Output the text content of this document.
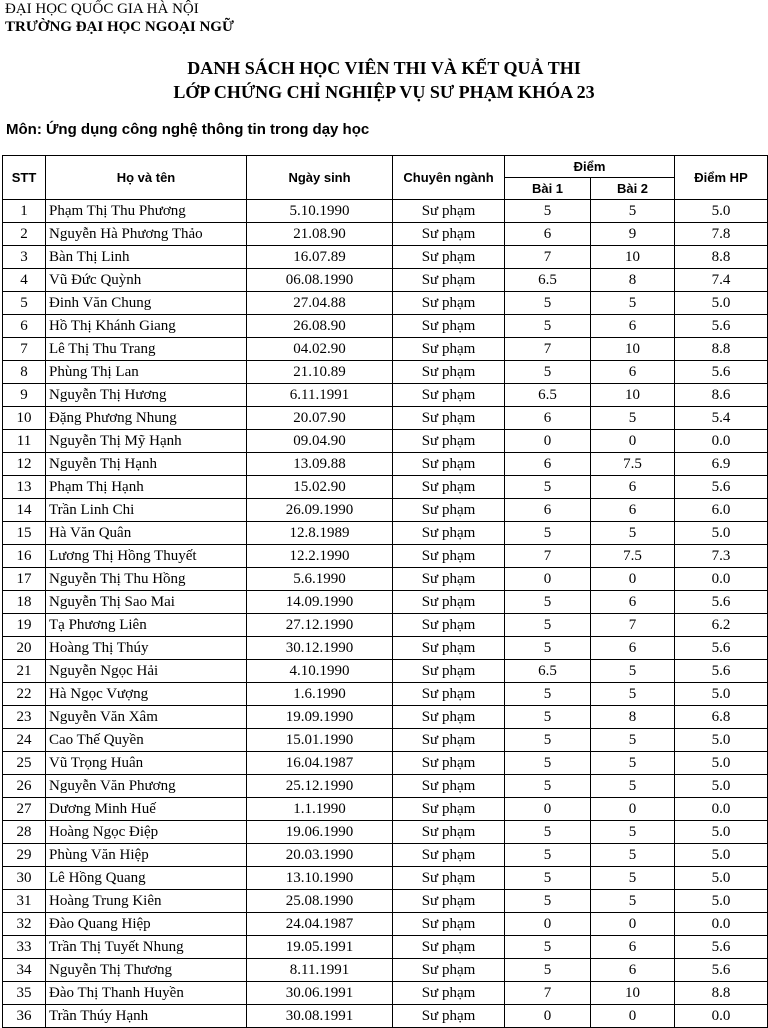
ĐẠI HỌC QUỐC GIA HÀ NỘI
TRƯỜNG ĐẠI HỌC NGOẠI NGỮ
DANH SÁCH HỌC VIÊN THI VÀ KẾT QUẢ THI
LỚP CHỨNG CHỈ NGHIỆP VỤ SƯ PHẠM KHÓA 23
Môn: Ứng dụng công nghệ thông tin trong dạy học
STT	Họ và tên	Ngày sinh	Chuyên ngành	Điểm		Điểm HP
				Bài 1	Bài 2	
1	Phạm Thị Thu Phương	5.10.1990	Sư phạm	5	5	5.0
2	Nguyễn Hà Phương Thảo	21.08.90	Sư phạm	6	9	7.8
3	Bàn Thị Linh	16.07.89	Sư phạm	7	10	8.8
4	Vũ Đức Quỳnh	06.08.1990	Sư phạm	6.5	8	7.4
5	Đinh Văn Chung	27.04.88	Sư phạm	5	5	5.0
6	Hồ Thị Khánh Giang	26.08.90	Sư phạm	5	6	5.6
7	Lê Thị Thu Trang	04.02.90	Sư phạm	7	10	8.8
8	Phùng Thị Lan	21.10.89	Sư phạm	5	6	5.6
9	Nguyễn Thị Hương	6.11.1991	Sư phạm	6.5	10	8.6
10	Đặng Phương Nhung	20.07.90	Sư phạm	6	5	5.4
11	Nguyễn Thị Mỹ Hạnh	09.04.90	Sư phạm	0	0	0.0
12	Nguyễn Thị Hạnh	13.09.88	Sư phạm	6	7.5	6.9
13	Phạm Thị Hạnh	15.02.90	Sư phạm	5	6	5.6
14	Trần Linh Chi	26.09.1990	Sư phạm	6	6	6.0
15	Hà Văn Quân	12.8.1989	Sư phạm	5	5	5.0
16	Lương Thị Hồng Thuyết	12.2.1990	Sư phạm	7	7.5	7.3
17	Nguyễn Thị Thu Hồng	5.6.1990	Sư phạm	0	0	0.0
18	Nguyễn Thị Sao Mai	14.09.1990	Sư phạm	5	6	5.6
19	Tạ Phương Liên	27.12.1990	Sư phạm	5	7	6.2
20	Hoàng Thị Thúy	30.12.1990	Sư phạm	5	6	5.6
21	Nguyễn Ngọc Hải	4.10.1990	Sư phạm	6.5	5	5.6
22	Hà Ngọc Vượng	1.6.1990	Sư phạm	5	5	5.0
23	Nguyễn Văn Xâm	19.09.1990	Sư phạm	5	8	6.8
24	Cao Thế Quyền	15.01.1990	Sư phạm	5	5	5.0
25	Vũ Trọng Huân	16.04.1987	Sư phạm	5	5	5.0
26	Nguyễn Văn Phương	25.12.1990	Sư phạm	5	5	5.0
27	Dương Minh Huế	1.1.1990	Sư phạm	0	0	0.0
28	Hoàng Ngọc Điệp	19.06.1990	Sư phạm	5	5	5.0
29	Phùng Văn Hiệp	20.03.1990	Sư phạm	5	5	5.0
30	Lê Hồng Quang	13.10.1990	Sư phạm	5	5	5.0
31	Hoàng Trung Kiên	25.08.1990	Sư phạm	5	5	5.0
32	Đào Quang Hiệp	24.04.1987	Sư phạm	0	0	0.0
33	Trần Thị Tuyết Nhung	19.05.1991	Sư phạm	5	6	5.6
34	Nguyễn Thị Thương	8.11.1991	Sư phạm	5	6	5.6
35	Đào Thị Thanh Huyền	30.06.1991	Sư phạm	7	10	8.8
36	Trần Thúy Hạnh	30.08.1991	Sư phạm	0	0	0.0
